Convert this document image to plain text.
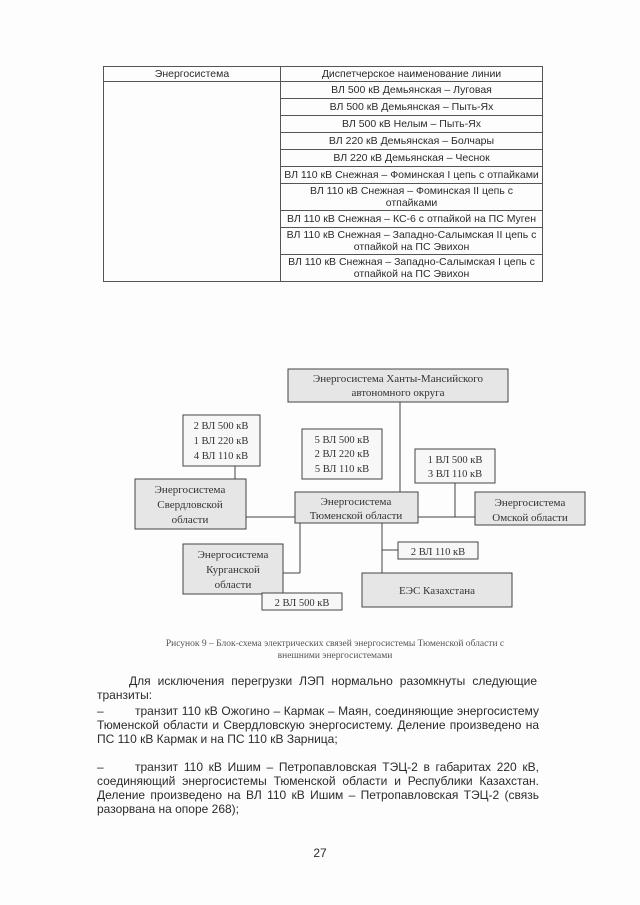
Энергосистема	Диспетчерское наименование линии
	ВЛ 500 кВ Демьянская – Луговая
	ВЛ 500 кВ Демьянская – Пыть-Ях
	ВЛ 500 кВ Нелым – Пыть-Ях
	ВЛ 220 кВ Демьянская – Болчары
	ВЛ 220 кВ Демьянская – Чеснок
	ВЛ 110 кВ Снежная – Фоминская I цепь с отпайками
	ВЛ 110 кВ Снежная – Фоминская II цепь с отпайками
	ВЛ 110 кВ Снежная – КС-6 с отпайкой на ПС Муген
	ВЛ 110 кВ Снежная – Западно-Салымская II цепь с отпайкой на ПС Эвихон
	ВЛ 110 кВ Снежная – Западно-Салымская I цепь с отпайкой на ПС Эвихон
Энергосистема Ханты-Мансийского
автономного округа
2 ВЛ 500 кВ
1 ВЛ 220 кВ
4 ВЛ 110 кВ
5 ВЛ 500 кВ
2 ВЛ 220 кВ
5 ВЛ 110 кВ
1 ВЛ 500 кВ
3 ВЛ 110 кВ
Энергосистема
Свердловской
области
Энергосистема
Тюменской области
Энергосистема
Омской области
2 ВЛ 110 кВ
Энергосистема
Курганской
области	ЕЭС Казахстана
2 ВЛ 500 кВ
Рисунок 9 – Блок-схема электрических связей энергосистемы Тюменской области с
внешними энергосистемами
Для исключения перегрузки ЛЭП нормально разомкнуты следующие транзиты:
–	транзит 110 кВ Ожогино – Кармак – Маян, соединяющие энергосистему Тюменской области и Свердловскую энергосистему. Деление произведено на ПС 110 кВ Кармак и на ПС 110 кВ Зарница;
–	транзит 110 кВ Ишим – Петропавловская ТЭЦ-2 в габаритах 220 кВ, соединяющий энергосистемы Тюменской области и Республики Казахстан. Деление произведено на ВЛ 110 кВ Ишим – Петропавловская ТЭЦ-2 (связь разорвана на опоре 268);
27
